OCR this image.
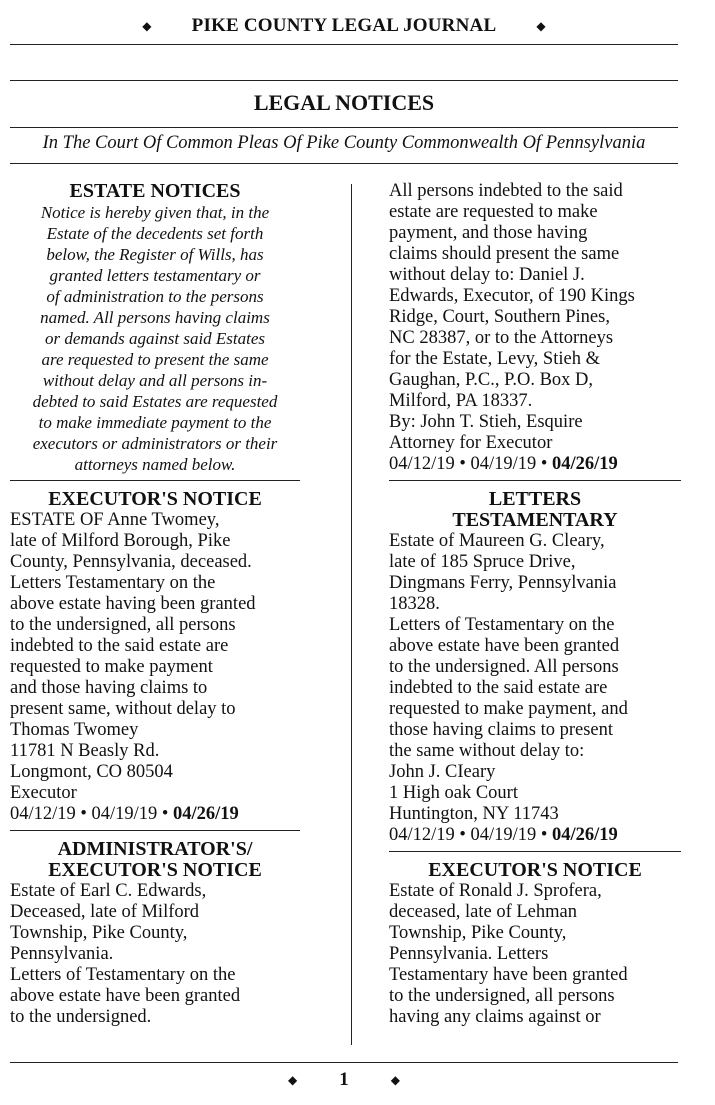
◆ PIKE COUNTY LEGAL JOURNAL	◆
LEGAL NOTICES
In The Court Of Common Pleas Of Pike County Commonwealth Of Pennsylvania
ESTATE NOTICES
Notice is hereby given that, in the
Estate of the decedents set forth
below, the Register of Wills, has
granted letters testamentary or
of administration to the persons
named. All persons having claims
or demands against said Estates
are requested to present the same
without delay and all persons in-
debted to said Estates are requested
to make immediate payment to the
executors or administrators or their
attorneys named below.
EXECUTOR'S NOTICE
ESTATE OF Anne Twomey,
late of Milford Borough, Pike
County, Pennsylvania, deceased.
Letters Testamentary on the
above estate having been granted
to the undersigned, all persons
indebted to the said estate are
requested to make payment
and those having claims to
present same, without delay to
Thomas Twomey
11781 N Beasly Rd.
Longmont, CO 80504
Executor
04/12/19 • 04/19/19 • 04/26/19
ADMINISTRATOR'S/
EXECUTOR'S NOTICE
Estate of Earl C. Edwards,
Deceased, late of Milford
Township, Pike County,
Pennsylvania.
Letters of Testamentary on the
above estate have been granted
to the undersigned.
All persons indebted to the said
estate are requested to make
payment, and those having
claims should present the same
without delay to: Daniel J.
Edwards, Executor, of 190 Kings
Ridge, Court, Southern Pines,
NC 28387, or to the Attorneys
for the Estate, Levy, Stieh &
Gaughan, P.C., P.O. Box D,
Milford, PA 18337.
By: John T. Stieh, Esquire
Attorney for Executor
04/12/19 • 04/19/19 • 04/26/19
LETTERS
TESTAMENTARY
Estate of Maureen G. Cleary,
late of 185 Spruce Drive,
Dingmans Ferry, Pennsylvania
18328.
Letters of Testamentary on the
above estate have been granted
to the undersigned. All persons
indebted to the said estate are
requested to make payment, and
those having claims to present
the same without delay to:
John J. CIeary
1 High oak Court
Huntington, NY 11743
04/12/19 • 04/19/19 • 04/26/19
EXECUTOR'S NOTICE
Estate of Ronald J. Sprofera,
deceased, late of Lehman
Township, Pike County,
Pennsylvania. Letters
Testamentary have been granted
to the undersigned, all persons
having any claims against or
◆ 1	◆
